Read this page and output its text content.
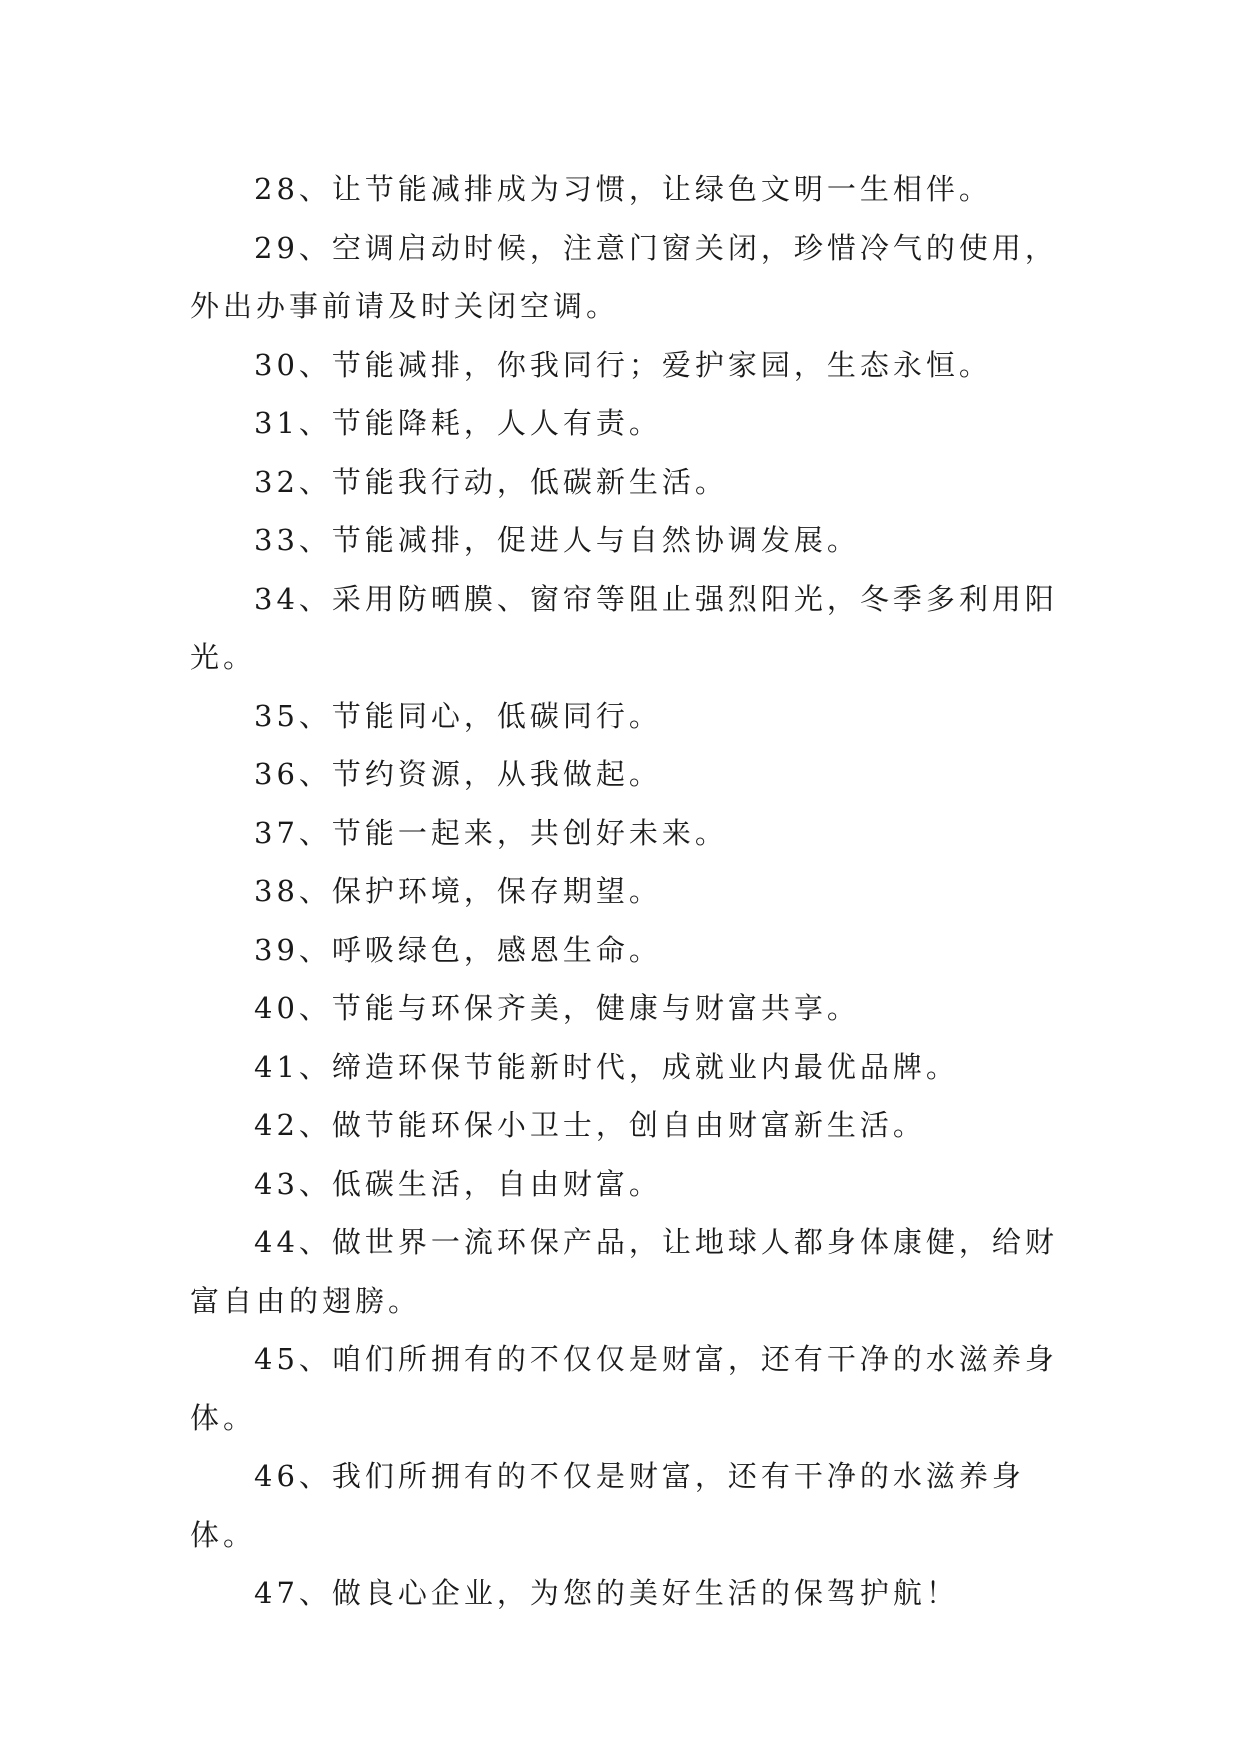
28、让节能减排成为习惯，让绿色文明一生相伴。

29、空调启动时候，注意门窗关闭，珍惜冷气的使用，外出办事前请及时关闭空调。

30、节能减排，你我同行；爱护家园，生态永恒。

31、节能降耗，人人有责。

32、节能我行动，低碳新生活。

33、节能减排，促进人与自然协调发展。

34、采用防晒膜、窗帘等阻止强烈阳光，冬季多利用阳光。

35、节能同心，低碳同行。

36、节约资源，从我做起。

37、节能一起来，共创好未来。

38、保护环境，保存期望。

39、呼吸绿色，感恩生命。

40、节能与环保齐美，健康与财富共享。

41、缔造环保节能新时代，成就业内最优品牌。

42、做节能环保小卫士，创自由财富新生活。

43、低碳生活，自由财富。

44、做世界一流环保产品，让地球人都身体康健，给财富自由的翅膀。

45、咱们所拥有的不仅仅是财富，还有干净的水滋养身体。

46、我们所拥有的不仅是财富，还有干净的水滋养身体。

47、做良心企业，为您的美好生活的保驾护航！
